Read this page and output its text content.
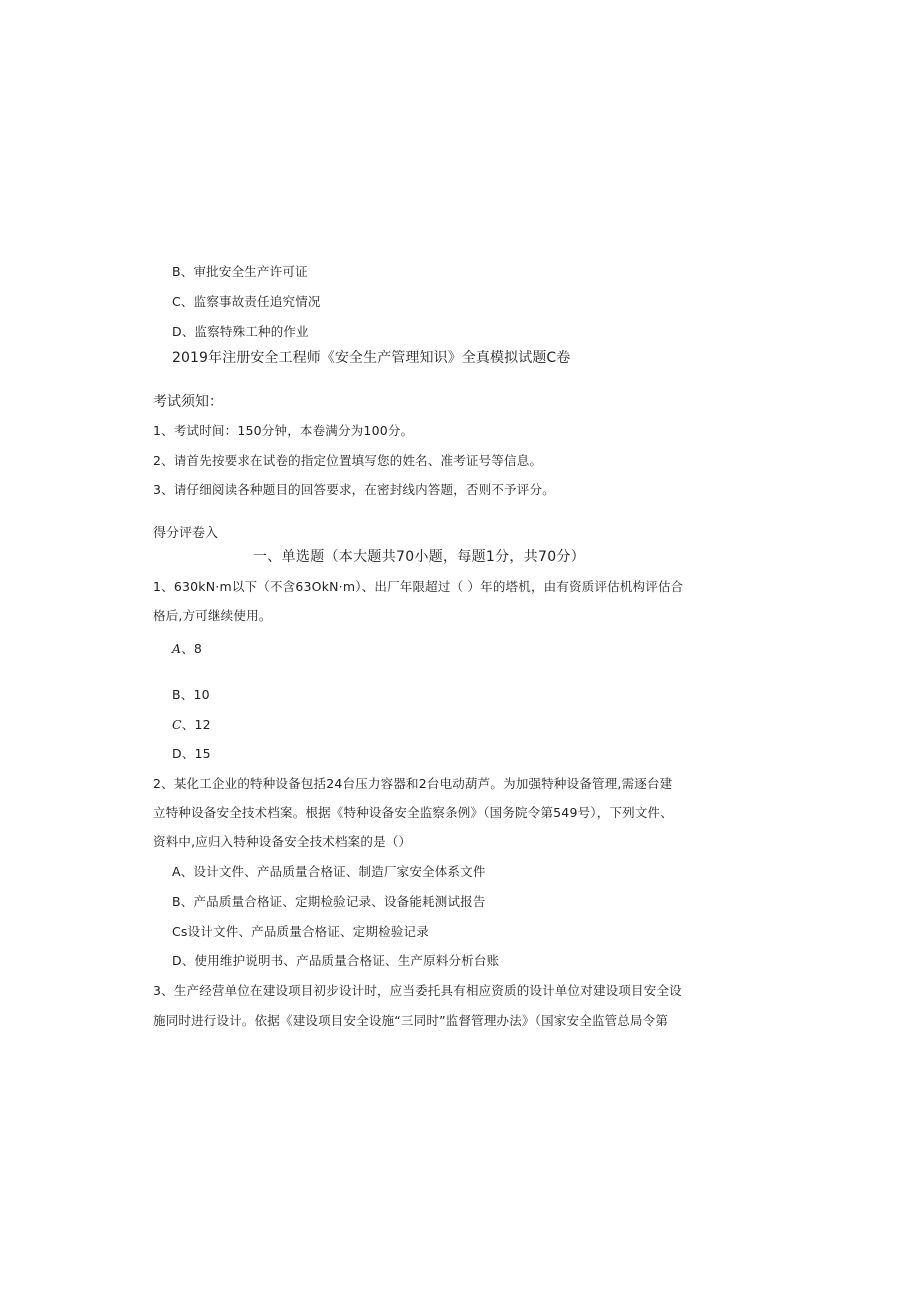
B、审批安全生产许可证
C、监察事故责任追究情况
D、监察特殊工种的作业
2019年注册安全工程师《安全生产管理知识》全真模拟试题C卷
考试须知：
1、考试时间：150分钟，本卷满分为100分。
2、请首先按要求在试卷的指定位置填写您的姓名、准考证号等信息。
3、请仔细阅读各种题目的回答要求，在密封线内答题，否则不予评分。
得分评卷入
一、单选题（本大题共70小题，每题1分，共70分）
1、630kN·m以下（不含63OkN·m）、出厂年限超过（ ）年的塔机，由有资质评估机构评估合
格后,方可继续使用。
A、8
B、10
C、12
D、15
2、某化工企业的特种设备包括24台压力容器和2台电动葫芦。为加强特种设备管理,需逐台建
立特种设备安全技术档案。根据《特种设备安全监察条例》（国务院令第549号），下列文件、
资料中,应归入特种设备安全技术档案的是（）
A、设计文件、产品质量合格证、制造厂家安全体系文件
B、产品质量合格证、定期检验记录、设备能耗测试报告
Cs设计文件、产品质量合格证、定期检验记录
D、使用维护说明书、产品质量合格证、生产原料分析台账
3、生产经营单位在建设项目初步设计时，应当委托具有相应资质的设计单位对建设项目安全设
施同时进行设计。依据《建设项目安全设施“三同时”监督管理办法》（国家安全监管总局令第
